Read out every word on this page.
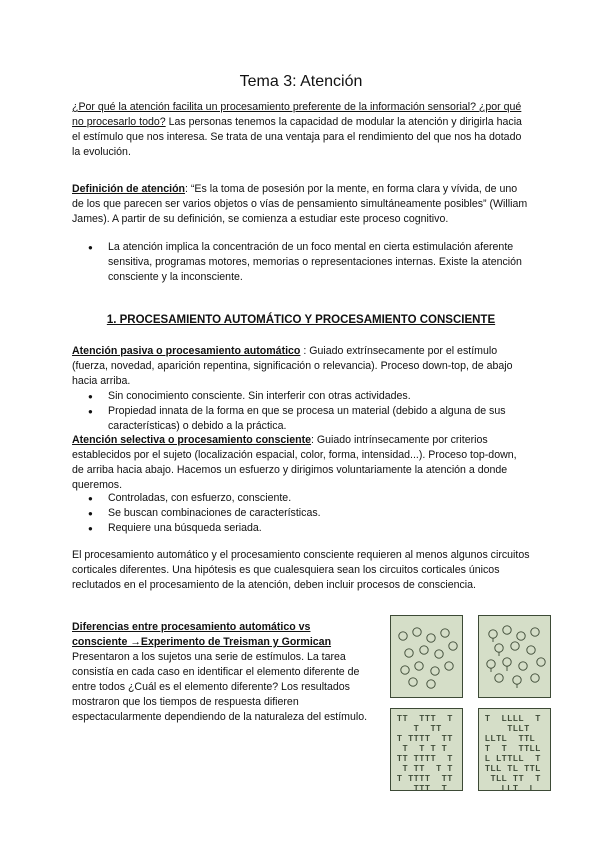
Tema 3: Atención

¿Por qué la atención facilita un procesamiento preferente de la información sensorial? ¿por qué no procesarlo todo? Las personas tenemos la capacidad de modular la atención y dirigirla hacia el estímulo que nos interesa. Se trata de una ventaja para el rendimiento del que nos ha dotado la evolución.

Definición de atención: “Es la toma de posesión por la mente, en forma clara y vívida, de uno de los que parecen ser varios objetos o vías de pensamiento simultáneamente posibles” (William James). A partir de su definición, se comienza a estudiar este proceso cognitivo.

● La atención implica la concentración de un foco mental en cierta estimulación aferente sensitiva, programas motores, memorias o representaciones internas. Existe la atención consciente y la inconsciente.
1. PROCESAMIENTO AUTOMÁTICO Y PROCESAMIENTO CONSCIENTE

Atención pasiva o procesamiento automático : Guiado extrínsecamente por el estímulo (fuerza, novedad, aparición repentina, significación o relevancia). Proceso down-top, de abajo hacia arriba.

● Sin conocimiento consciente. Sin interferir con otras actividades.
● Propiedad innata de la forma en que se procesa un material (debido a alguna de sus características) o debido a la práctica.

Atención selectiva o procesamiento consciente: Guiado intrínsecamente por criterios establecidos por el sujeto (localización espacial, color, forma, intensidad...). Proceso top-down, de arriba hacia abajo. Hacemos un esfuerzo y dirigimos voluntariamente la atención a donde queremos.

● Controladas, con esfuerzo, consciente.
● Se buscan combinaciones de características.
● Requiere una búsqueda seriada.

El procesamiento automático y el procesamiento consciente requieren al menos algunos circuitos corticales diferentes. Una hipótesis es que cualesquiera sean los circuitos corticales únicos reclutados en el procesamiento de la atención, deben incluir procesos de consciencia.

Diferencias entre procesamiento automático vs
consciente →Experimento de Treisman y Gormican
Presentaron a los sujetos una serie de estímulos. La tarea consistía en cada caso en identificar el elemento diferente de entre todos ¿Cuál es el elemento diferente? Los resultados mostraron que los tiempos de respuesta difieren espectacularmente dependiendo de la naturaleza del estímulo.	T T T T T T
T T T
T T T T T T T
T T T T
T T T T T T T
T T T T T
T T T T T T T
T T T T
T L L L L T
T L L T
L L T L T T L
T T T T L L
L L T T L L T
T L L T L T T L
T L L T T T
L L T L
